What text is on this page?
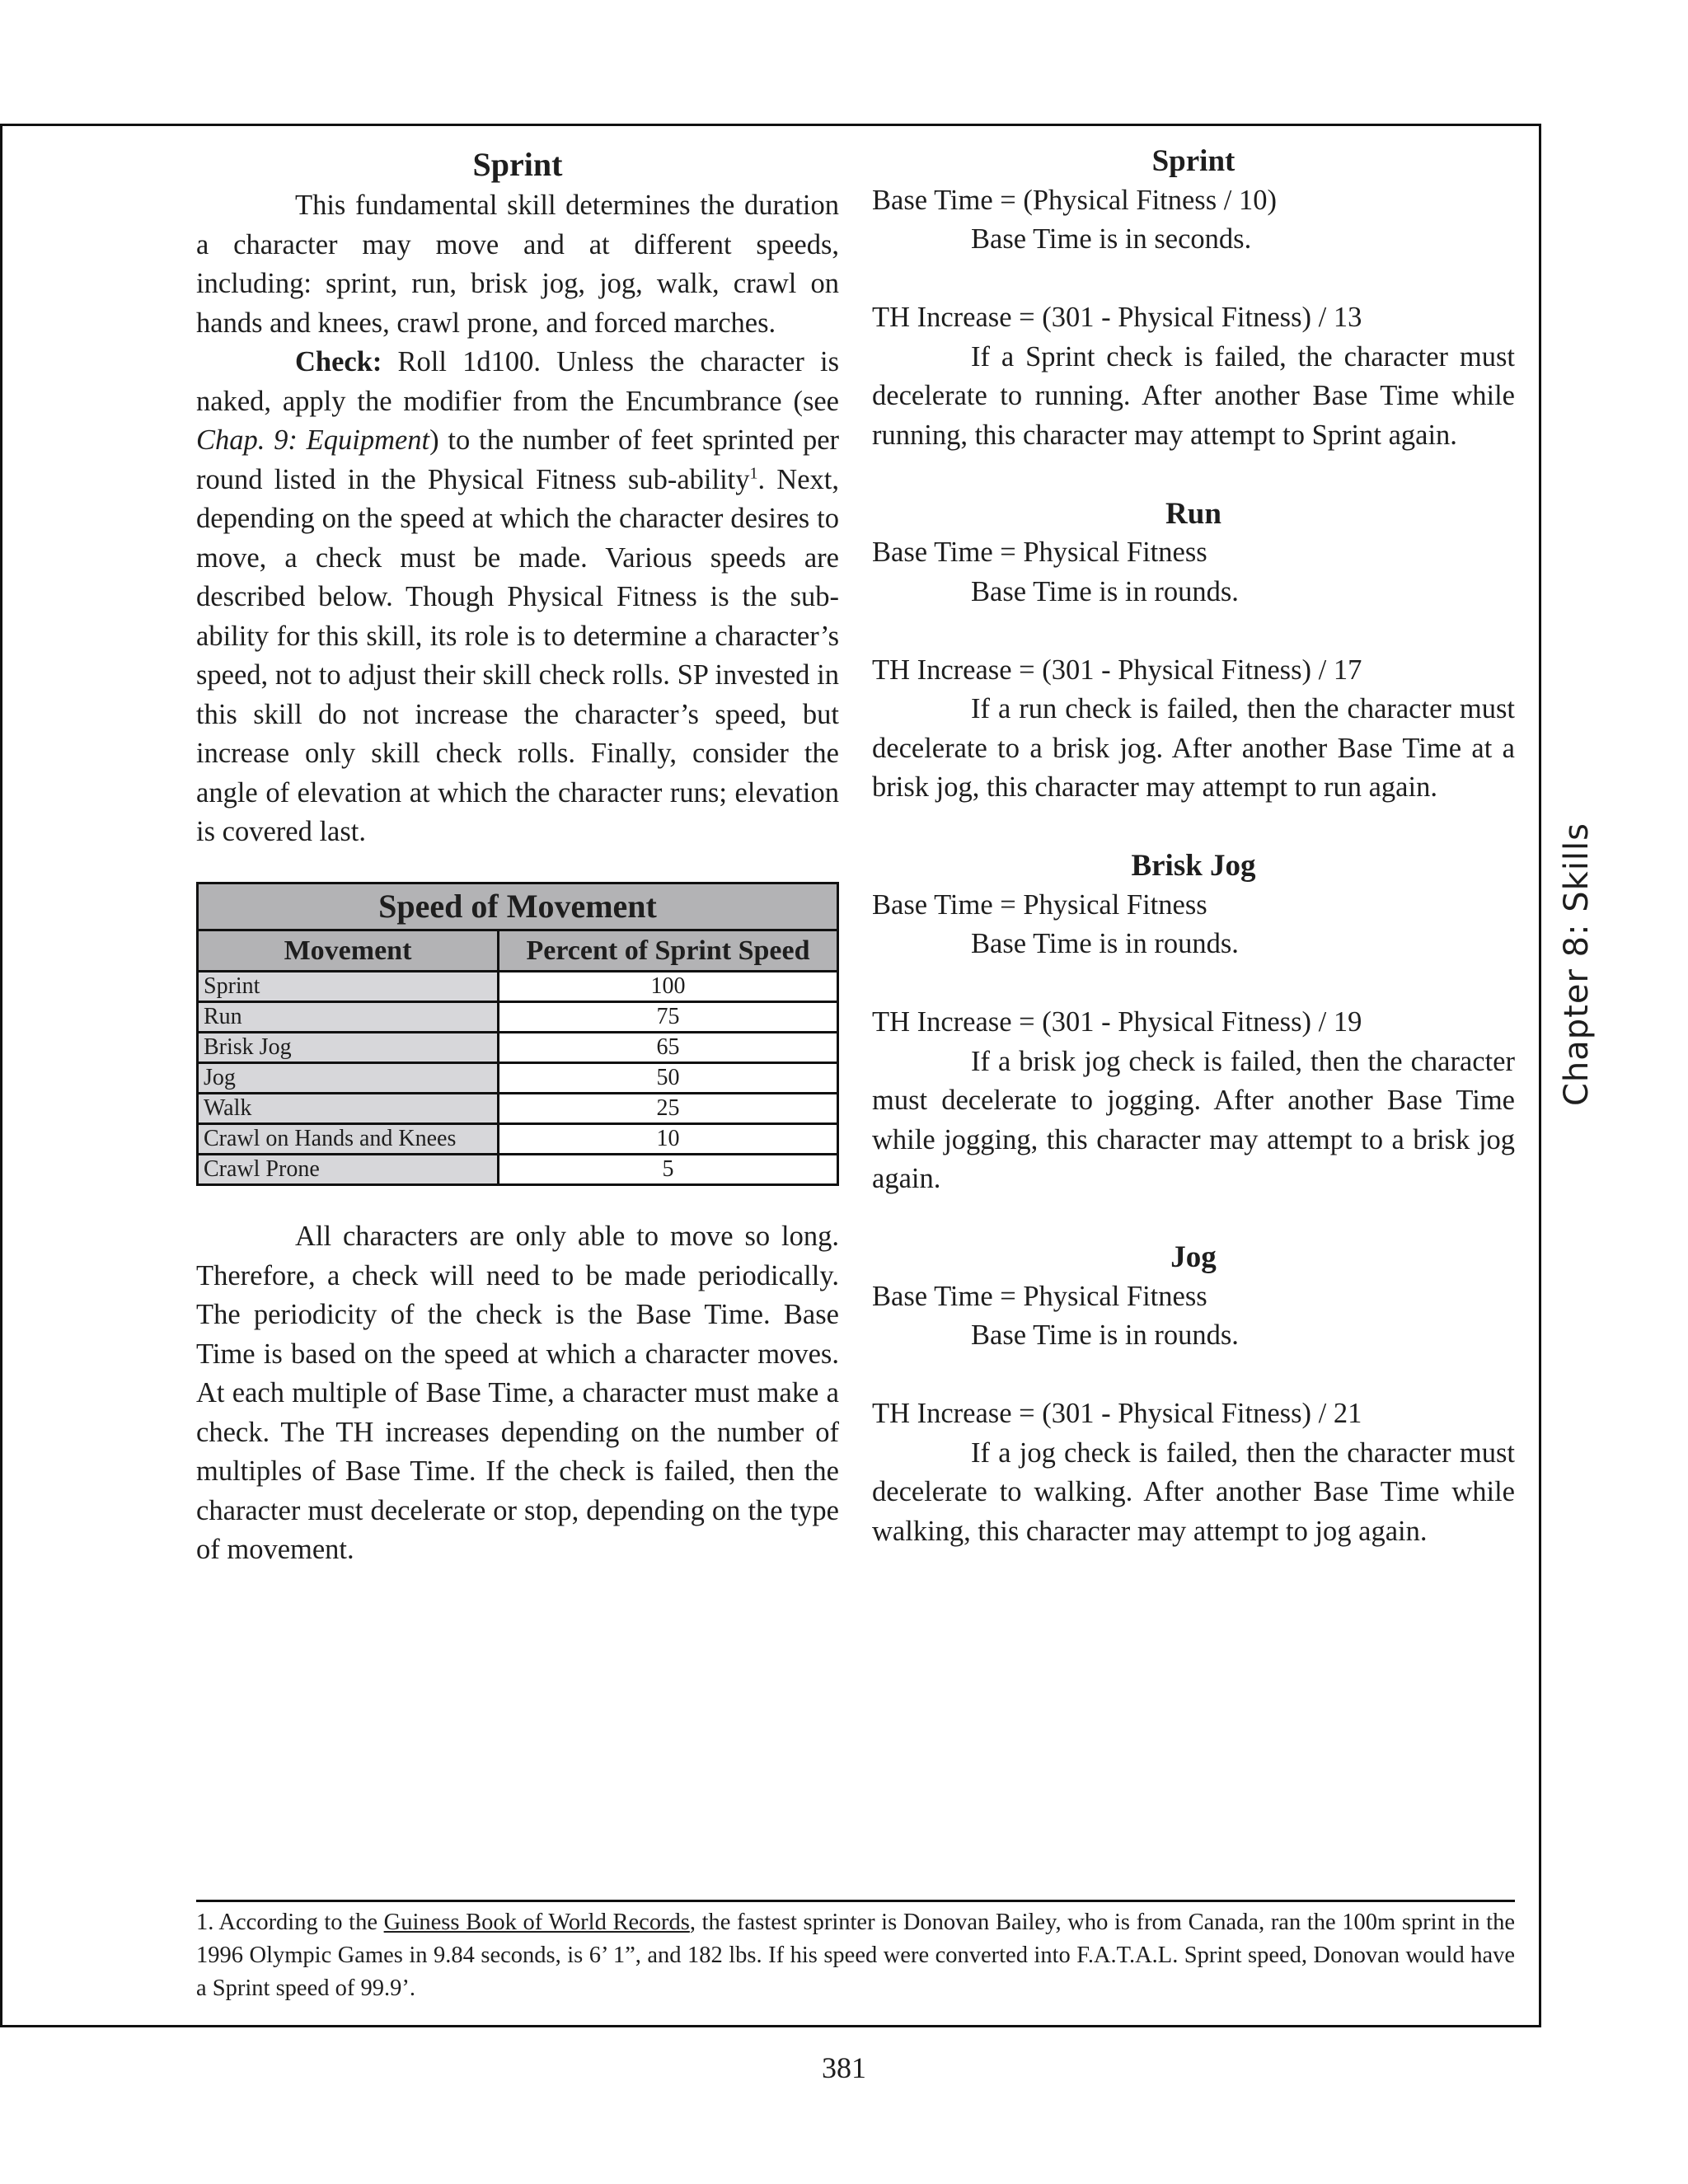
Sprint

This fundamental skill determines the duration a character may move and at different speeds, including: sprint, run, brisk jog, jog, walk, crawl on hands and knees, crawl prone, and forced marches.

Check: Roll 1d100. Unless the character is naked, apply the modifier from the Encumbrance (see Chap. 9: Equipment) to the number of feet sprinted per round listed in the Physical Fitness sub-ability$^1$. Next, depending on the speed at which the character desires to move, a check must be made. Various speeds are described below. Though Physical Fitness is the sub-ability for this skill, its role is to determine a character’s speed, not to adjust their skill check rolls. SP invested in this skill do not increase the character’s speed, but increase only skill check rolls. Finally, consider the angle of elevation at which the character runs; elevation is covered last.

Speed of Movement	
Movement	Percent of Sprint Speed
Sprint	100
Run	75
Brisk Jog	65
Jog	50
Walk	25
Crawl on Hands and Knees	10
Crawl Prone	5

All characters are only able to move so long. Therefore, a check will need to be made periodically. The periodicity of the check is the Base Time. Base Time is based on the speed at which a character moves. At each multiple of Base Time, a character must make a check. The TH increases depending on the number of multiples of Base Time. If the check is failed, then the character must decelerate or stop, depending on the type of movement.

Sprint

Base Time = (Physical Fitness / 10)

Base Time is in seconds.

TH Increase = (301 - Physical Fitness) / 13

If a Sprint check is failed, the character must decelerate to running. After another Base Time while running, this character may attempt to Sprint again.

Run

Base Time = Physical Fitness

Base Time is in rounds.

TH Increase = (301 - Physical Fitness) / 17

If a run check is failed, then the character must decelerate to a brisk jog. After another Base Time at a brisk jog, this character may attempt to run again.

Brisk Jog

Base Time = Physical Fitness

Base Time is in rounds.

TH Increase = (301 - Physical Fitness) / 19

If a brisk jog check is failed, then the character must decelerate to jogging. After another Base Time while jogging, this character may attempt to a brisk jog again.

Jog

Base Time = Physical Fitness

Base Time is in rounds.

TH Increase = (301 - Physical Fitness) / 21

If a jog check is failed, then the character must decelerate to walking. After another Base Time while walking, this character may attempt to jog again.

Chapter 8: Skills
1. According to the Guiness Book of World Records, the fastest sprinter is Donovan Bailey, who is from Canada, ran the 100m sprint in the 1996 Olympic Games in 9.84 seconds, is 6’ 1”, and 182 lbs. If his speed were converted into F.A.T.A.L. Sprint speed, Donovan would have a Sprint speed of 99.9’.
381
